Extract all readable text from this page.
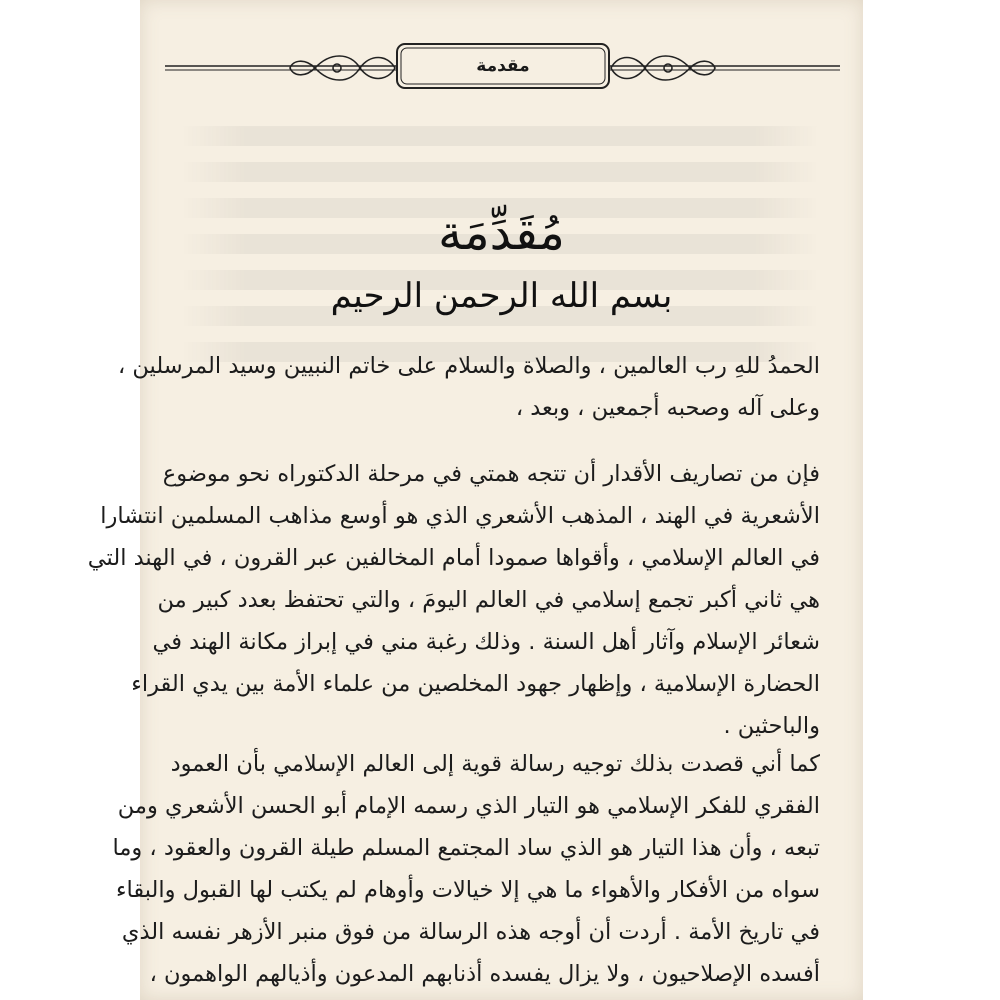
مقدمة
مُقَدِّمَة
بسم الله الرحمن الرحيم
الحمدُ للهِ رب العالمين ، والصلاة والسلام على خاتم النبيين وسيد المرسلين ،
وعلى آله وصحبه أجمعين ، وبعد ،
فإن من تصاريف الأقدار أن تتجه همتي في مرحلة الدكتوراه نحو موضوع
الأشعرية في الهند ، المذهب الأشعري الذي هو أوسع مذاهب المسلمين انتشارا
في العالم الإسلامي ، وأقواها صمودا أمام المخالفين عبر القرون ، في الهند التي
هي ثاني أكبر تجمع إسلامي في العالم اليومَ ، والتي تحتفظ بعدد كبير من
شعائر الإسلام وآثار أهل السنة . وذلك رغبة مني في إبراز مكانة الهند في
الحضارة الإسلامية ، وإظهار جهود المخلصين من علماء الأمة بين يدي القراء
والباحثين .
كما أني قصدت بذلك توجيه رسالة قوية إلى العالم الإسلامي بأن العمود
الفقري للفكر الإسلامي هو التيار الذي رسمه الإمام أبو الحسن الأشعري ومن
تبعه ، وأن هذا التيار هو الذي ساد المجتمع المسلم طيلة القرون والعقود ، وما
سواه من الأفكار والأهواء ما هي إلا خيالات وأوهام لم يكتب لها القبول والبقاء
في تاريخ الأمة . أردت أن أوجه هذه الرسالة من فوق منبر الأزهر نفسه الذي
أفسده الإصلاحيون ، ولا يزال يفسده أذنابهم المدعون وأذيالهم الواهمون ،
